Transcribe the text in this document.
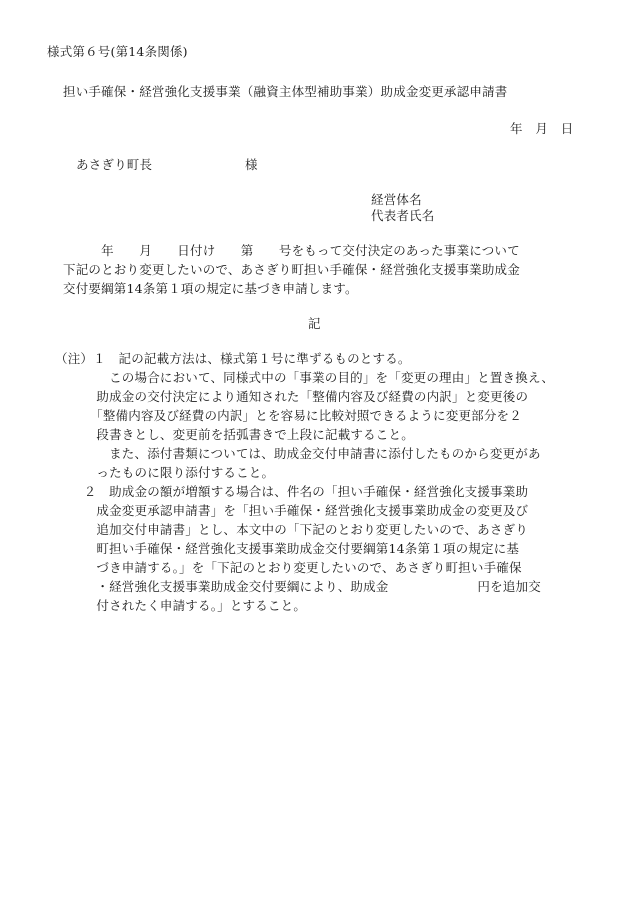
様式第６号(第14条関係)
担い手確保・経営強化支援事業（融資主体型補助事業）助成金変更承認申請書
年　月　日
あさぎり町長	様
経営体名
代表者氏名
　　　年　　月　　日付け　　第　　号をもって交付決定のあった事業について
下記のとおり変更したいので、あさぎり町担い手確保・経営強化支援事業助成金
交付要綱第14条第１項の規定に基づき申請します。
記
（注）１　記の記載方法は、様式第１号に準ずるものとする。
　　　この場合において、同様式中の「事業の目的」を「変更の理由」と置き換え、
　　助成金の交付決定により通知された「整備内容及び経費の内訳」と変更後の
　　「整備内容及び経費の内訳」とを容易に比較対照できるように変更部分を２
　　段書きとし、変更前を括弧書きで上段に記載すること。
　　　また、添付書類については、助成金交付申請書に添付したものから変更があ
　　ったものに限り添付すること。
　２　助成金の額が増額する場合は、件名の「担い手確保・経営強化支援事業助
　　成金変更承認申請書」を「担い手確保・経営強化支援事業助成金の変更及び
　　追加交付申請書」とし、本文中の「下記のとおり変更したいので、あさぎり
　　町担い手確保・経営強化支援事業助成金交付要綱第14条第１項の規定に基
　　づき申請する。」を「下記のとおり変更したいので、あさぎり町担い手確保
　　・経営強化支援事業助成金交付要綱により、助成金　　　　　　　円を追加交
　　付されたく申請する。」とすること。
